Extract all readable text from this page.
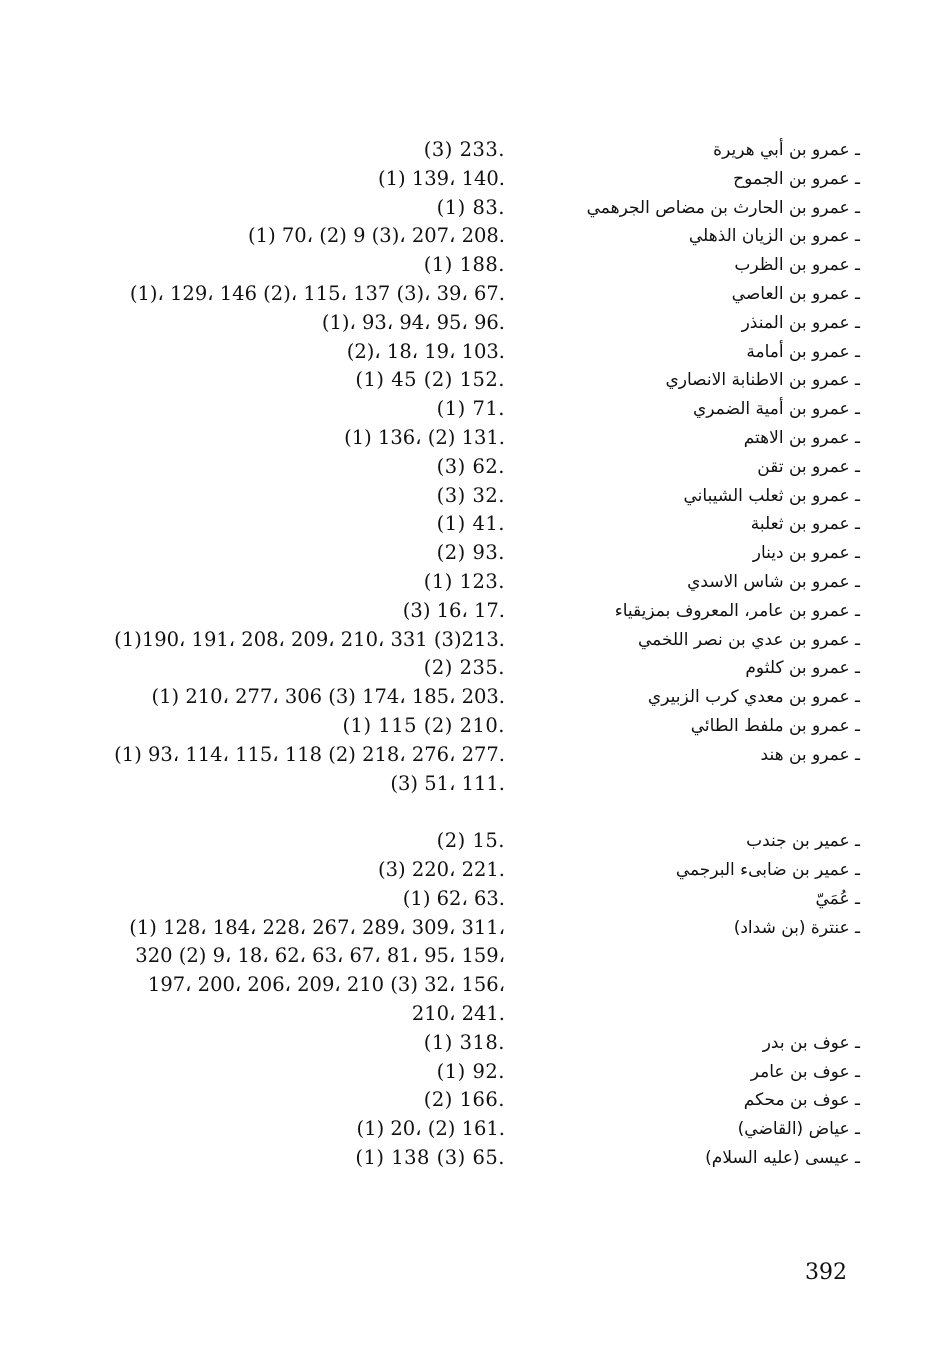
ـ عمرو بن أبي هريرة
.233 (3)
ـ عمرو بن الجموح
.140 ،139 (1)
ـ عمرو بن الحارث بن مضاص الجرهمي
.83 (1)
ـ عمرو بن الزيان الذهلي
.208 ،207 ،(3) 9 (2) ،70 (1)
ـ عمرو بن الظرب
.188 (1)
ـ عمرو بن العاصي
.67 ،39 ،(3) 137 ،115 ،(2) 146 ،129 ،(1)
ـ عمرو بن المنذر
.96 ،95 ،94 ،93 ،(1)
ـ عمرو بن أمامة
.103 ،19 ،18 ،(2)
ـ عمرو بن الاطنابة الانصاري
.152 (2) 45 (1)
ـ عمرو بن أمية الضمري
.71 (1)
ـ عمرو بن الاهتم
.131 (2) ،136 (1)
ـ عمرو بن تقن
.62 (3)
ـ عمرو بن ثعلب الشيباني
.32 (3)
ـ عمرو بن ثعلبة
.41 (1)
ـ عمرو بن دينار
.93 (2)
ـ عمرو بن شاس الاسدي
.123 (1)
ـ عمرو بن عامر، المعروف بمزيقياء
.17 ،16 (3)
ـ عمرو بن عدي بن نصر اللخمي
.213(3) 331 ،210 ،209 ،208 ،191 ،190(1)
ـ عمرو بن كلثوم
.235 (2)
ـ عمرو بن معدي كرب الزبيري
.203 ،185 ،174 (3) 306 ،277 ،210 (1)
ـ عمرو بن ملفط الطائي
.210 (2) 115 (1)
ـ عمرو بن هند
.277 ،276 ،218 (2) 118 ،115 ،114 ،93 (1)
.111 ،51 (3)
ـ عمير بن جندب
.15 (2)
ـ عمير بن ضابىء البرجمي
.221 ،220 (3)
ـ عُمَيّ
.63 ،62 (1)
ـ عنترة (بن شداد)
،311 ،309 ،289 ،267 ،228 ،184 ،128 (1)
،159 ،95 ،81 ،67 ،63 ،62 ،18 ،9 (2) 320
،156 ،32 (3) 210 ،209 ،206 ،200 ،197
.241 ،210
ـ عوف بن بدر
.318 (1)
ـ عوف بن عامر
.92 (1)
ـ عوف بن محكم
.166 (2)
ـ عياض (القاضي)
.161 (2) ،20 (1)
ـ عيسى (عليه السلام)
.65 (3) 138 (1)
392
